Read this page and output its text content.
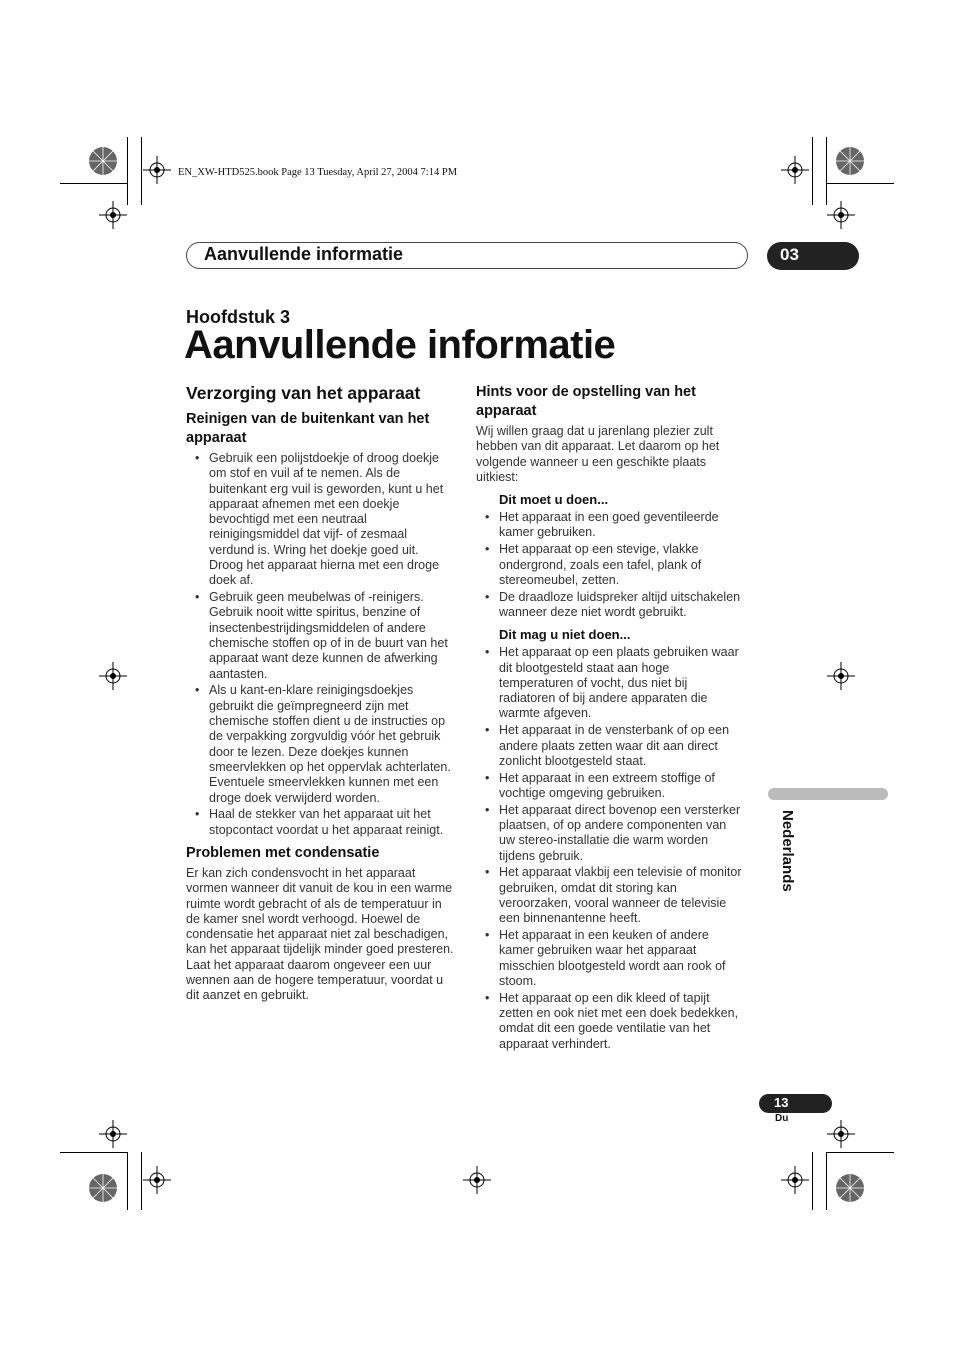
EN_XW-HTD525.book Page 13 Tuesday, April 27, 2004 7:14 PM
Aanvullende informatie	03
Hoofdstuk 3
Aanvullende informatie
Verzorging van het apparaat
Reinigen van de buitenkant van het apparaat
• Gebruik een polijstdoekje of droog doekje om stof en vuil af te nemen. Als de buitenkant erg vuil is geworden, kunt u het apparaat afnemen met een doekje bevochtigd met een neutraal reinigingsmiddel dat vijf- of zesmaal verdund is. Wring het doekje goed uit. Droog het apparaat hierna met een droge doek af.
• Gebruik geen meubelwas of -reinigers. Gebruik nooit witte spiritus, benzine of insectenbestrijdingsmiddelen of andere chemische stoffen op of in de buurt van het apparaat want deze kunnen de afwerking aantasten.
• Als u kant-en-klare reinigingsdoekjes gebruikt die geïmpregneerd zijn met chemische stoffen dient u de instructies op de verpakking zorgvuldig vóór het gebruik door te lezen. Deze doekjes kunnen smeervlekken op het oppervlak achterlaten. Eventuele smeervlekken kunnen met een droge doek verwijderd worden.
• Haal de stekker van het apparaat uit het stopcontact voordat u het apparaat reinigt.
Problemen met condensatie

Er kan zich condensvocht in het apparaat vormen wanneer dit vanuit de kou in een warme ruimte wordt gebracht of als de temperatuur in de kamer snel wordt verhoogd. Hoewel de condensatie het apparaat niet zal beschadigen, kan het apparaat tijdelijk minder goed presteren. Laat het apparaat daarom ongeveer een uur wennen aan de hogere temperatuur, voordat u dit aanzet en gebruikt.

Hints voor de opstelling van het apparaat

Wij willen graag dat u jarenlang plezier zult hebben van dit apparaat. Let daarom op het volgende wanneer u een geschikte plaats uitkiest:

Dit moet u doen...
• Het apparaat in een goed geventileerde kamer gebruiken.
• Het apparaat op een stevige, vlakke ondergrond, zoals een tafel, plank of stereomeubel, zetten.
• De draadloze luidspreker altijd uitschakelen wanneer deze niet wordt gebruikt.
Dit mag u niet doen...
• Het apparaat op een plaats gebruiken waar dit blootgesteld staat aan hoge temperaturen of vocht, dus niet bij radiatoren of bij andere apparaten die warmte afgeven.
• Het apparaat in de vensterbank of op een andere plaats zetten waar dit aan direct zonlicht blootgesteld staat.
• Het apparaat in een extreem stoffige of vochtige omgeving gebruiken.
• Het apparaat direct bovenop een versterker plaatsen, of op andere componenten van uw stereo-installatie die warm worden tijdens gebruik.
• Het apparaat vlakbij een televisie of monitor gebruiken, omdat dit storing kan veroorzaken, vooral wanneer de televisie een binnenantenne heeft.
• Het apparaat in een keuken of andere kamer gebruiken waar het apparaat misschien blootgesteld wordt aan rook of stoom.
• Het apparaat op een dik kleed of tapijt zetten en ook niet met een doek bedekken, omdat dit een goede ventilatie van het apparaat verhindert.
Nederlands
13
Du
